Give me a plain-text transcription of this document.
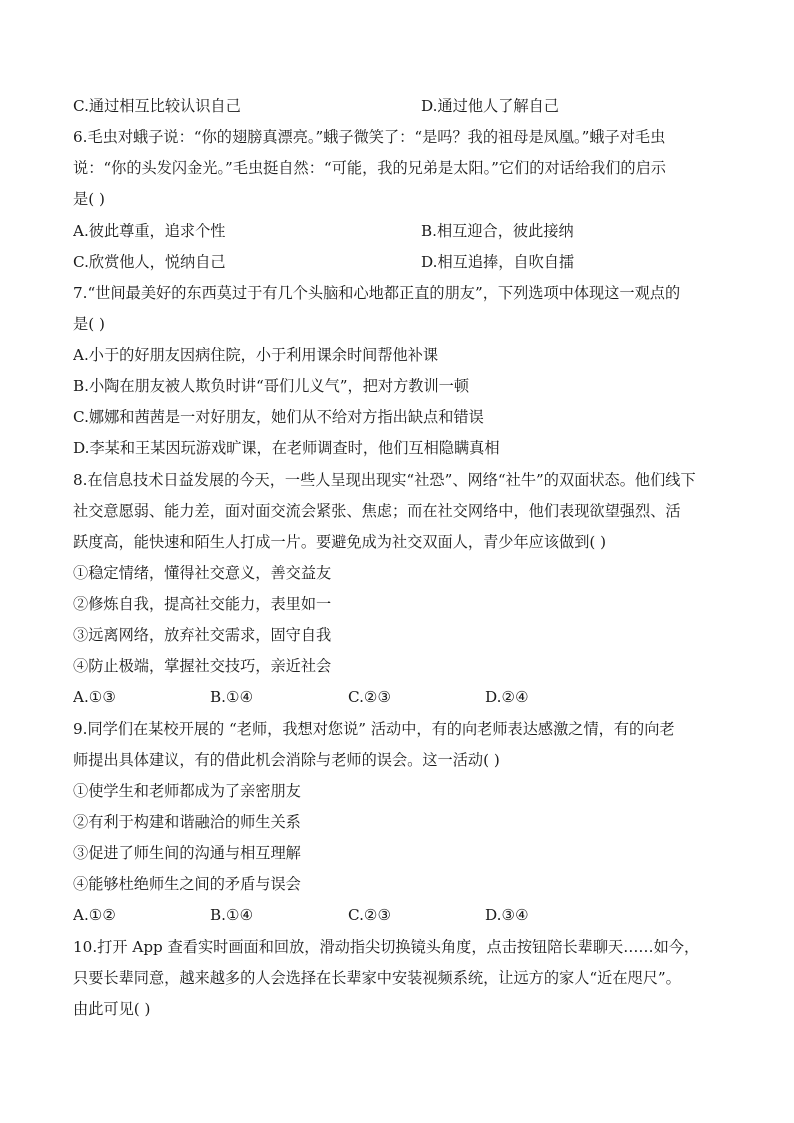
C.通过相互比较认识自己	D.通过他人了解自己
6.毛虫对蛾子说：“你的翅膀真漂亮。”蛾子微笑了：“是吗？我的祖母是凤凰。”蛾子对毛虫
说：“你的头发闪金光。”毛虫挺自然：“可能，我的兄弟是太阳。”它们的对话给我们的启示
是( )
A.彼此尊重，追求个性	B.相互迎合，彼此接纳
C.欣赏他人，悦纳自己	D.相互追捧，自吹自擂
7.“世间最美好的东西莫过于有几个头脑和心地都正直的朋友”，下列选项中体现这一观点的
是( )
A.小于的好朋友因病住院，小于利用课余时间帮他补课
B.小陶在朋友被人欺负时讲“哥们儿义气”，把对方教训一顿
C.娜娜和茜茜是一对好朋友，她们从不给对方指出缺点和错误
D.李某和王某因玩游戏旷课，在老师调查时，他们互相隐瞒真相
8.在信息技术日益发展的今天，一些人呈现出现实“社恐”、网络“社牛”的双面状态。他们线下
社交意愿弱、能力差，面对面交流会紧张、焦虑；而在社交网络中，他们表现欲望强烈、活
跃度高，能快速和陌生人打成一片。要避免成为社交双面人，青少年应该做到( )
①稳定情绪，懂得社交意义，善交益友
②修炼自我，提高社交能力，表里如一
③远离网络，放弃社交需求，固守自我
④防止极端，掌握社交技巧，亲近社会
A.①③	B.①④	C.②③	D.②④
9.同学们在某校开展的 “老师，我想对您说” 活动中，有的向老师表达感激之情，有的向老
师提出具体建议，有的借此机会消除与老师的误会。这一活动( )
①使学生和老师都成为了亲密朋友
②有利于构建和谐融洽的师生关系
③促进了师生间的沟通与相互理解
④能够杜绝师生之间的矛盾与误会
A.①②	B.①④	C.②③	D.③④
10.打开 App 查看实时画面和回放，滑动指尖切换镜头角度，点击按钮陪长辈聊天……如今，
只要长辈同意，越来越多的人会选择在长辈家中安装视频系统，让远方的家人“近在咫尺”。
由此可见( )
